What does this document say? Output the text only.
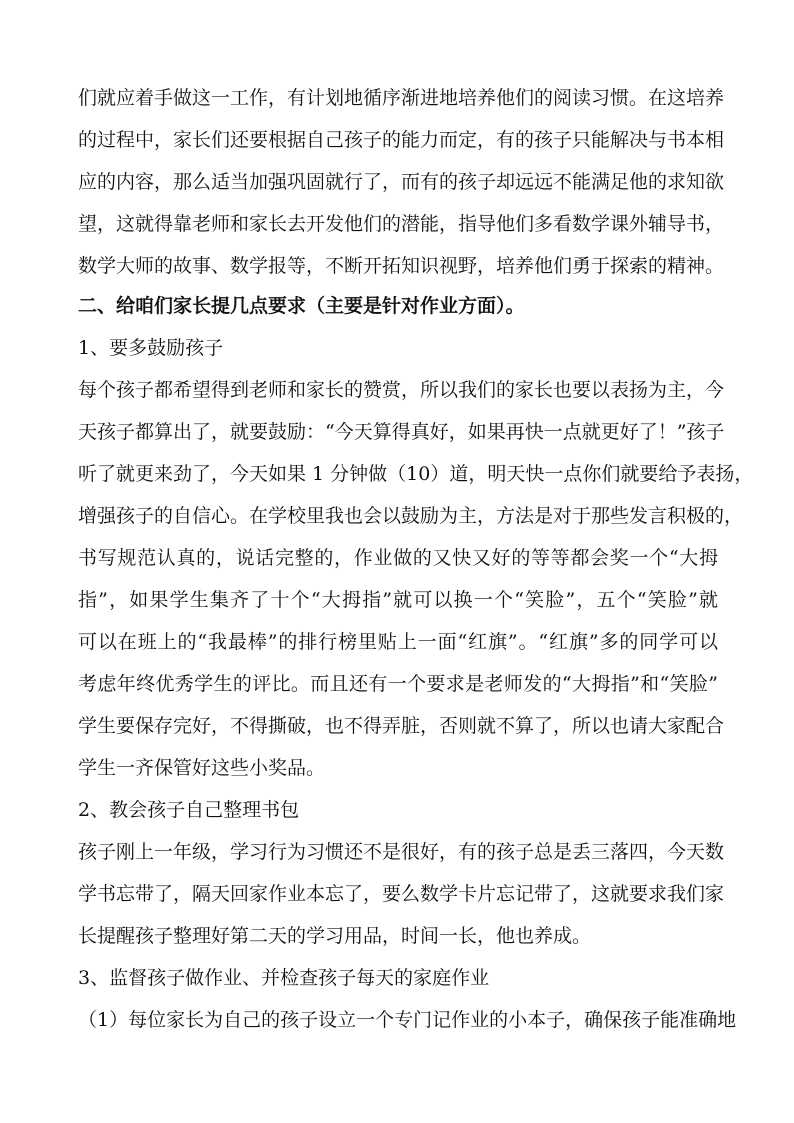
们就应着手做这一工作，有计划地循序渐进地培养他们的阅读习惯。在这培养
的过程中，家长们还要根据自己孩子的能力而定，有的孩子只能解决与书本相
应的内容，那么适当加强巩固就行了，而有的孩子却远远不能满足他的求知欲
望，这就得靠老师和家长去开发他们的潜能，指导他们多看数学课外辅导书，
数学大师的故事、数学报等，不断开拓知识视野，培养他们勇于探索的精神。
二、给咱们家长提几点要求（主要是针对作业方面）。
1、要多鼓励孩子
每个孩子都希望得到老师和家长的赞赏，所以我们的家长也要以表扬为主，今
天孩子都算出了，就要鼓励：“今天算得真好，如果再快一点就更好了！”孩子
听了就更来劲了，今天如果 1 分钟做（10）道，明天快一点你们就要给予表扬，
增强孩子的自信心。在学校里我也会以鼓励为主，方法是对于那些发言积极的，
书写规范认真的，说话完整的，作业做的又快又好的等等都会奖一个“大拇
指”，如果学生集齐了十个“大拇指”就可以换一个“笑脸”，五个“笑脸”就
可以在班上的“我最棒”的排行榜里贴上一面“红旗”。“红旗”多的同学可以
考虑年终优秀学生的评比。而且还有一个要求是老师发的“大拇指”和“笑脸”
学生要保存完好，不得撕破，也不得弄脏，否则就不算了，所以也请大家配合
学生一齐保管好这些小奖品。
2、教会孩子自己整理书包
孩子刚上一年级，学习行为习惯还不是很好，有的孩子总是丢三落四，今天数
学书忘带了，隔天回家作业本忘了，要么数学卡片忘记带了，这就要求我们家
长提醒孩子整理好第二天的学习用品，时间一长，他也养成。
3、监督孩子做作业、并检查孩子每天的家庭作业
（1）每位家长为自己的孩子设立一个专门记作业的小本子，确保孩子能准确地
